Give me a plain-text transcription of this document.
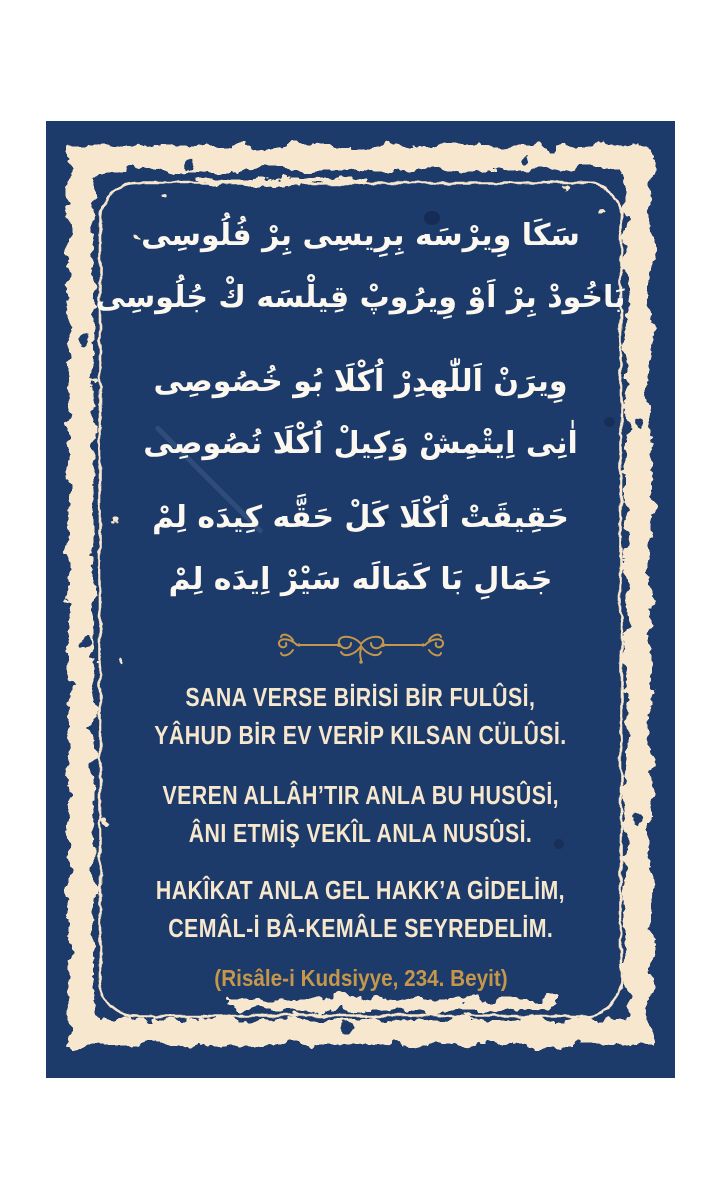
سَكَا وِيرْسَه بِرِيسِى بِرْ فُلُوسِى
يَاخُودْ بِرْ اَوْ وِيرُوپْ قِيلْسَه كْ جُلُوسِى
وِيرَنْ اَللّٰهدِرْ اُكْلَا بُو خُصُوصِى
اٰنِى اِيتْمِشْ وَكِيلْ اُكْلَا نُصُوصِى
حَقِيقَتْ اُكْلَا كَلْ حَقَّه كِيدَه لِمْ
جَمَالِ بَا كَمَالَه سَيْرْ اِيدَه لِمْ
SANA VERSE BİRİSİ BİR FULÛSİ,
YÂHUD BİR EV VERİP KILSAN CÜLÛSİ.
VEREN ALLÂH’TIR ANLA BU HUSÛSİ,
ÂNI ETMİŞ VEKÎL ANLA NUSÛSİ.
HAKÎKAT ANLA GEL HAKK’A GİDELİM,
CEMÂL-İ BÂ-KEMÂLE SEYREDELİM.
(Risâle-i Kudsiyye, 234. Beyit)
